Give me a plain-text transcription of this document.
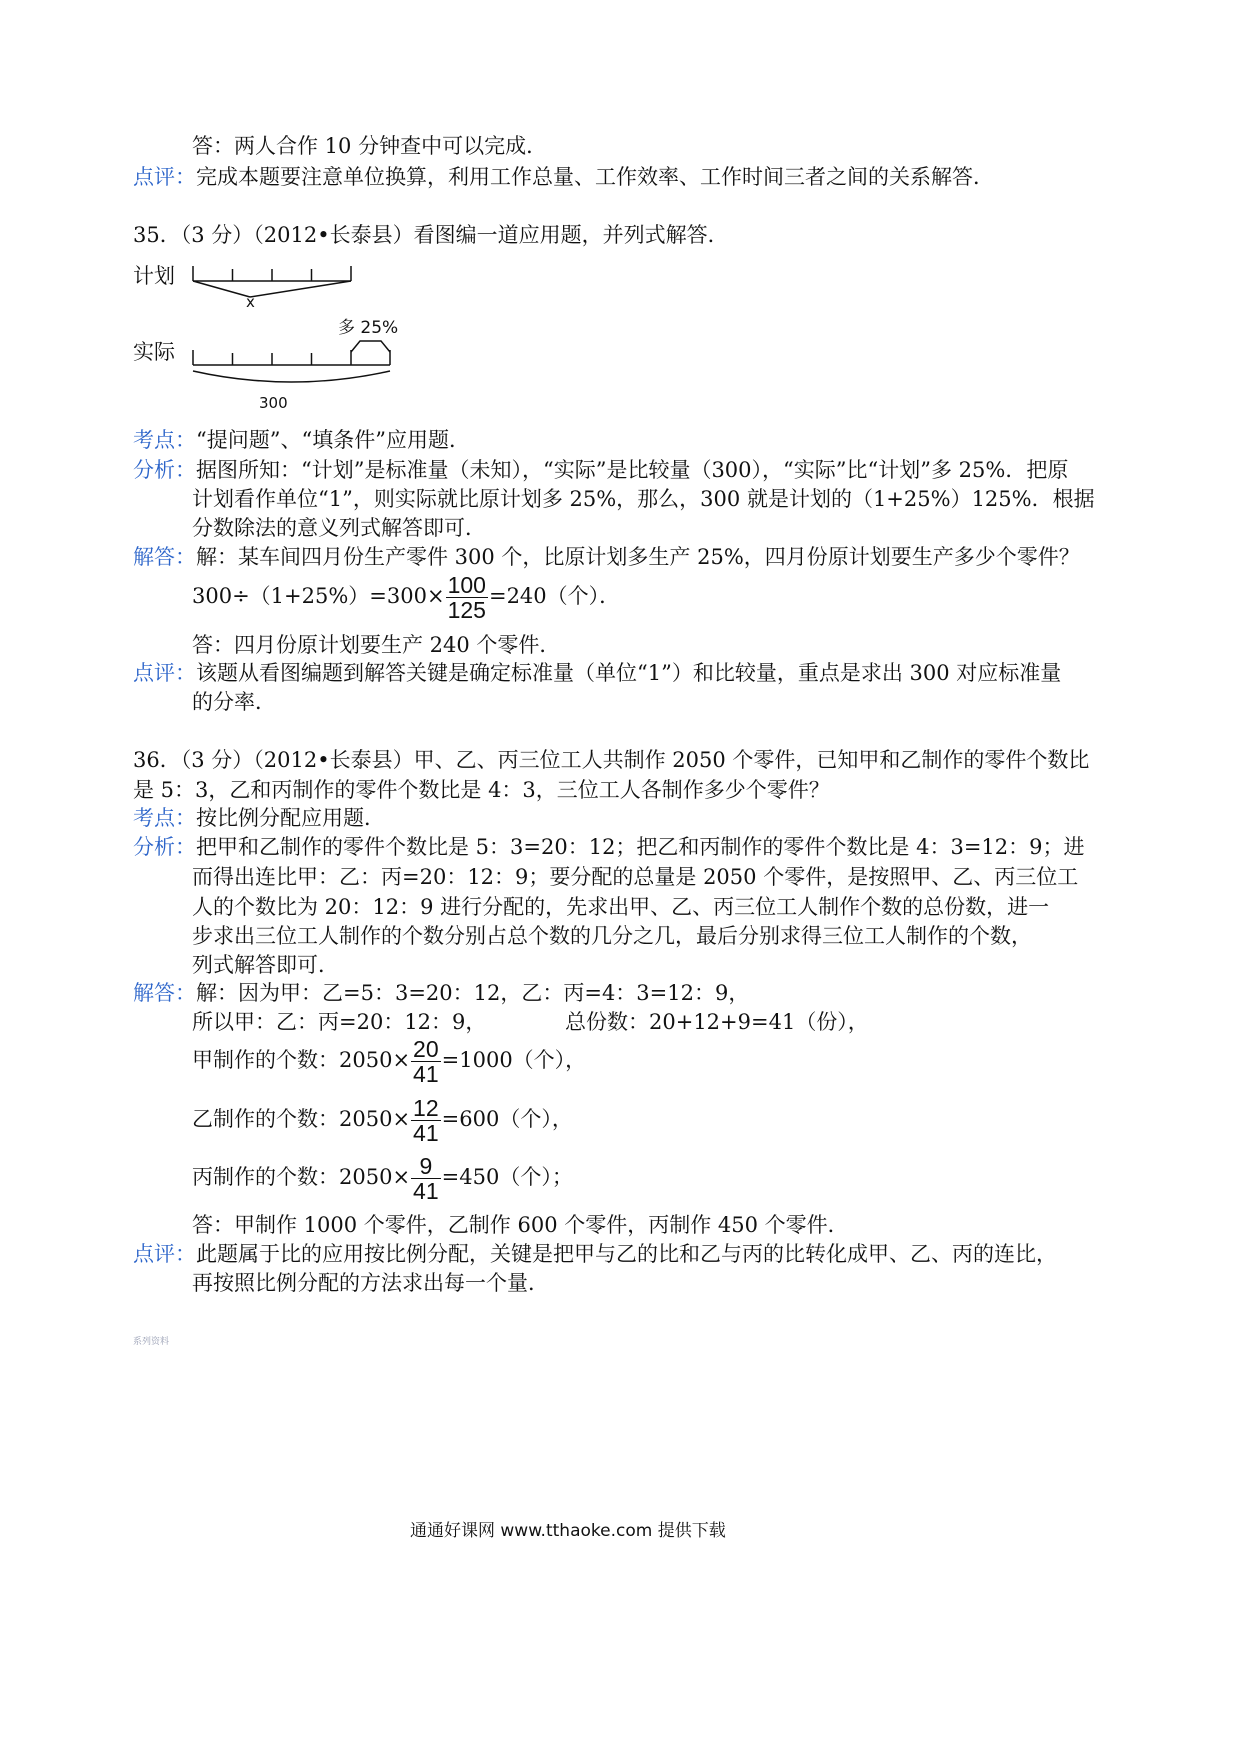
答：两人合作 10 分钟查中可以完成．
点评：完成本题要注意单位换算，利用工作总量、工作效率、工作时间三者之间的关系解答．
35．（3 分）（2012•长泰县）看图编一道应用题，并列式解答．
计划
x
多 25%
实际
300
考点：“提问题”、“填条件”应用题．
分析：据图所知：“计划”是标准量（未知），“实际”是比较量（300），“实际”比“计划”多 25%．把原
计划看作单位“1”，则实际就比原计划多 25%，那么，300 就是计划的（1+25%）125%．根据
分数除法的意义列式解答即可．
解答：解：某车间四月份生产零件 300 个，比原计划多生产 25%，四月份原计划要生产多少个零件？
$300\div(1+25\%)=300\times \frac{100}{125} =240$（个）．
答：四月份原计划要生产 240 个零件．
点评：该题从看图编题到解答关键是确定标准量（单位“1”）和比较量，重点是求出 300 对应标准量
的分率．
36．（3 分）（2012•长泰县）甲、乙、丙三位工人共制作 2050 个零件，已知甲和乙制作的零件个数比
是 5：3，乙和丙制作的零件个数比是 4：3，三位工人各制作多少个零件？
考点：按比例分配应用题．
分析：把甲和乙制作的零件个数比是 5：3=20：12；把乙和丙制作的零件个数比是 4：3=12：9；进
而得出连比甲：乙：丙=20：12：9；要分配的总量是 2050 个零件，是按照甲、乙、丙三位工
人的个数比为 20：12：9 进行分配的，先求出甲、乙、丙三位工人制作个数的总份数，进一
步求出三位工人制作的个数分别占总个数的几分之几，最后分别求得三位工人制作的个数，
列式解答即可．
解答：解：因为甲：乙=5：3=20：12，乙：丙=4：3=12：9，
所以甲：乙：丙=20：12：9，	总份数：20+12+9=41（份），
甲制作的个数：$2050\times \frac{20}{41} =1000$（个），
乙制作的个数：$2050\times \frac{12}{41} =600$（个），
丙制作的个数：$2050\times \frac{9}{41} =450$（个）；
答：甲制作 1000 个零件，乙制作 600 个零件，丙制作 450 个零件．
点评：此题属于比的应用按比例分配，关键是把甲与乙的比和乙与丙的比转化成甲、乙、丙的连比，
再按照比例分配的方法求出每一个量．
系列资料
通通好课网 www.tthaoke.com 提供下载
